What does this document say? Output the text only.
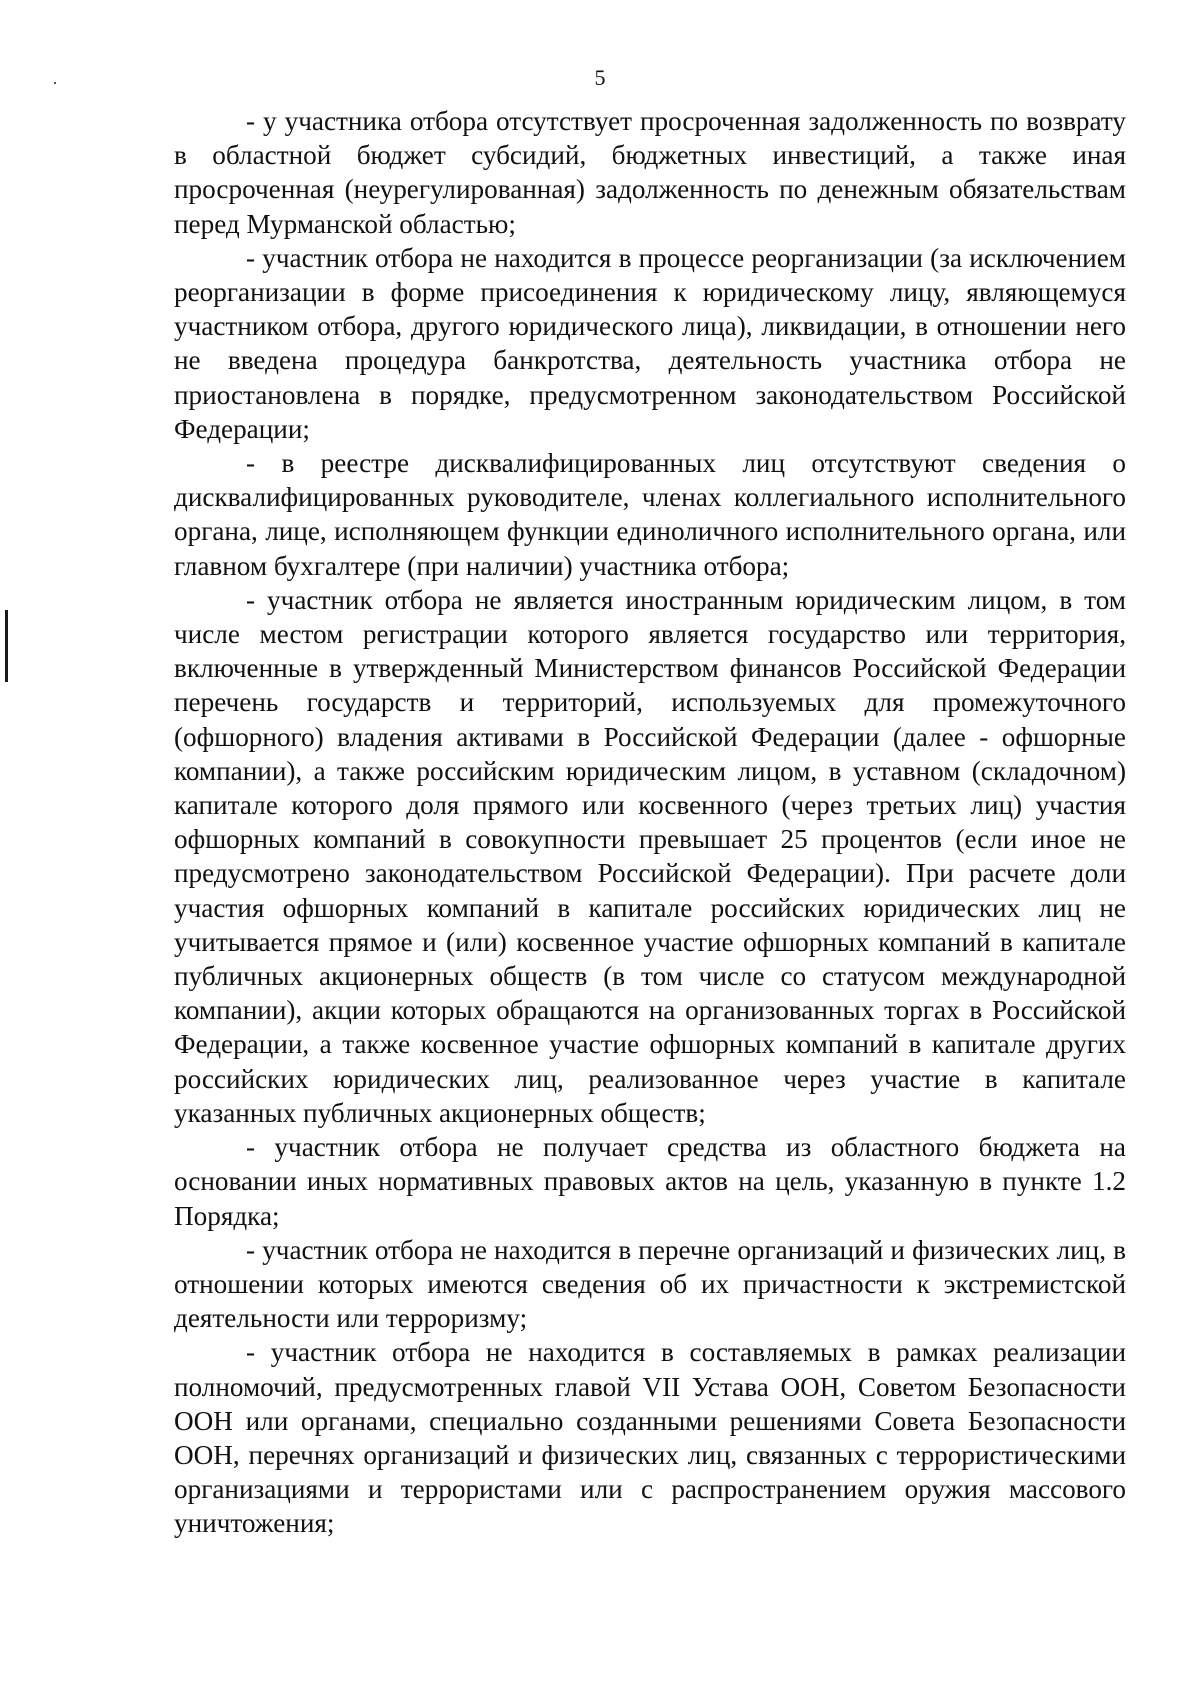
5

- у участника отбора отсутствует просроченная задолженность по возврату в областной бюджет субсидий, бюджетных инвестиций, а также иная просроченная (неурегулированная) задолженность по денежным обязательствам перед Мурманской областью;

- участник отбора не находится в процессе реорганизации (за исключением реорганизации в форме присоединения к юридическому лицу, являющемуся участником отбора, другого юридического лица), ликвидации, в отношении него не введена процедура банкротства, деятельность участника отбора не приостановлена в порядке, предусмотренном законодательством Российской Федерации;

- в реестре дисквалифицированных лиц отсутствуют сведения о дисквалифицированных руководителе, членах коллегиального исполнительного органа, лице, исполняющем функции единоличного исполнительного органа, или главном бухгалтере (при наличии) участника отбора;

- участник отбора не является иностранным юридическим лицом, в том числе местом регистрации которого является государство или территория, включенные в утвержденный Министерством финансов Российской Федерации перечень государств и территорий, используемых для промежуточного (офшорного) владения активами в Российской Федерации (далее - офшорные компании), а также российским юридическим лицом, в уставном (складочном) капитале которого доля прямого или косвенного (через третьих лиц) участия офшорных компаний в совокупности превышает 25 процентов (если иное не предусмотрено законодательством Российской Федерации). При расчете доли участия офшорных компаний в капитале российских юридических лиц не учитывается прямое и (или) косвенное участие офшорных компаний в капитале публичных акционерных обществ (в том числе со статусом международной компании), акции которых обращаются на организованных торгах в Российской Федерации, а также косвенное участие офшорных компаний в капитале других российских юридических лиц, реализованное через участие в капитале указанных публичных акционерных обществ;

- участник отбора не получает средства из областного бюджета на основании иных нормативных правовых актов на цель, указанную в пункте 1.2 Порядка;

- участник отбора не находится в перечне организаций и физических лиц, в отношении которых имеются сведения об их причастности к экстремистской деятельности или терроризму;

- участник отбора не находится в составляемых в рамках реализации полномочий, предусмотренных главой VII Устава ООН, Советом Безопасности ООН или органами, специально созданными решениями Совета Безопасности ООН, перечнях организаций и физических лиц, связанных с террористическими организациями и террористами или с распространением оружия массового уничтожения;
